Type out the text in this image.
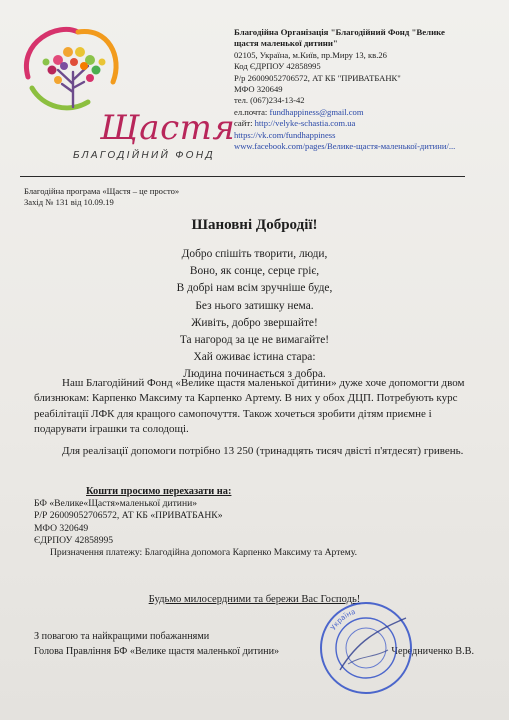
Щастя
БЛАГОДІЙНИЙ ФОНД
Благодійна Організація "Благодійний Фонд "Велике
щастя маленької дитини"
02105, Україна, м.Київ, пр.Миру 13, кв.26
Код ЄДРПОУ 42858995
Р/р 26009052706572, АТ КБ "ПРИВАТБАНК"
МФО 320649
тел. (067)234-13-42
ел.почта: fundhappiness@gmail.com
сайт: http://velyke-schastia.com.ua
https://vk.com/fundhappiness
www.facebook.com/pages/Велике-щастя-маленької-дитини/...
Благодійна програма «Щастя – це просто»
Захід № 131 від 10.09.19
Шановні Добродії!
Добро спішіть творити, люди,
Воно, як сонце, серце гріє,
В добрі нам всім зручніше буде,
Без нього затишку нема.
Живіть, добро звершайте!
Та нагород за це не вимагайте!
Хай оживає істина стара:
Людина починається з добра.

Наш Благодійний Фонд «Велике щастя маленької дитини» дуже хоче допомогти двом близнюкам: Карпенко Максиму та Карпенко Артему. В них у обох ДЦП. Потребують курс реабілітації ЛФК для кращого самопочуття. Також хочеться зробити дітям приємне і подарувати іграшки та солодощі.

Для реалізації допомоги потрібно 13 250 (тринадцять тисяч двісті п'ятдесят) гривень.

Кошти просимо перехазати на:
БФ «Велике«Щастя»маленької дитини»
Р/Р 26009052706572, АТ КБ «ПРИВАТБАНК»
МФО 320649
ЄДРПОУ 42858995
Призначення платежу: Благодійна допомога Карпенко Максиму та Артему.
Будьмо милосердними та бережи Вас Господь!
З повагою та найкращими побажаннями
Голова Правління БФ «Велике щастя маленької дитини»	Чередниченко В.В.
Україна
